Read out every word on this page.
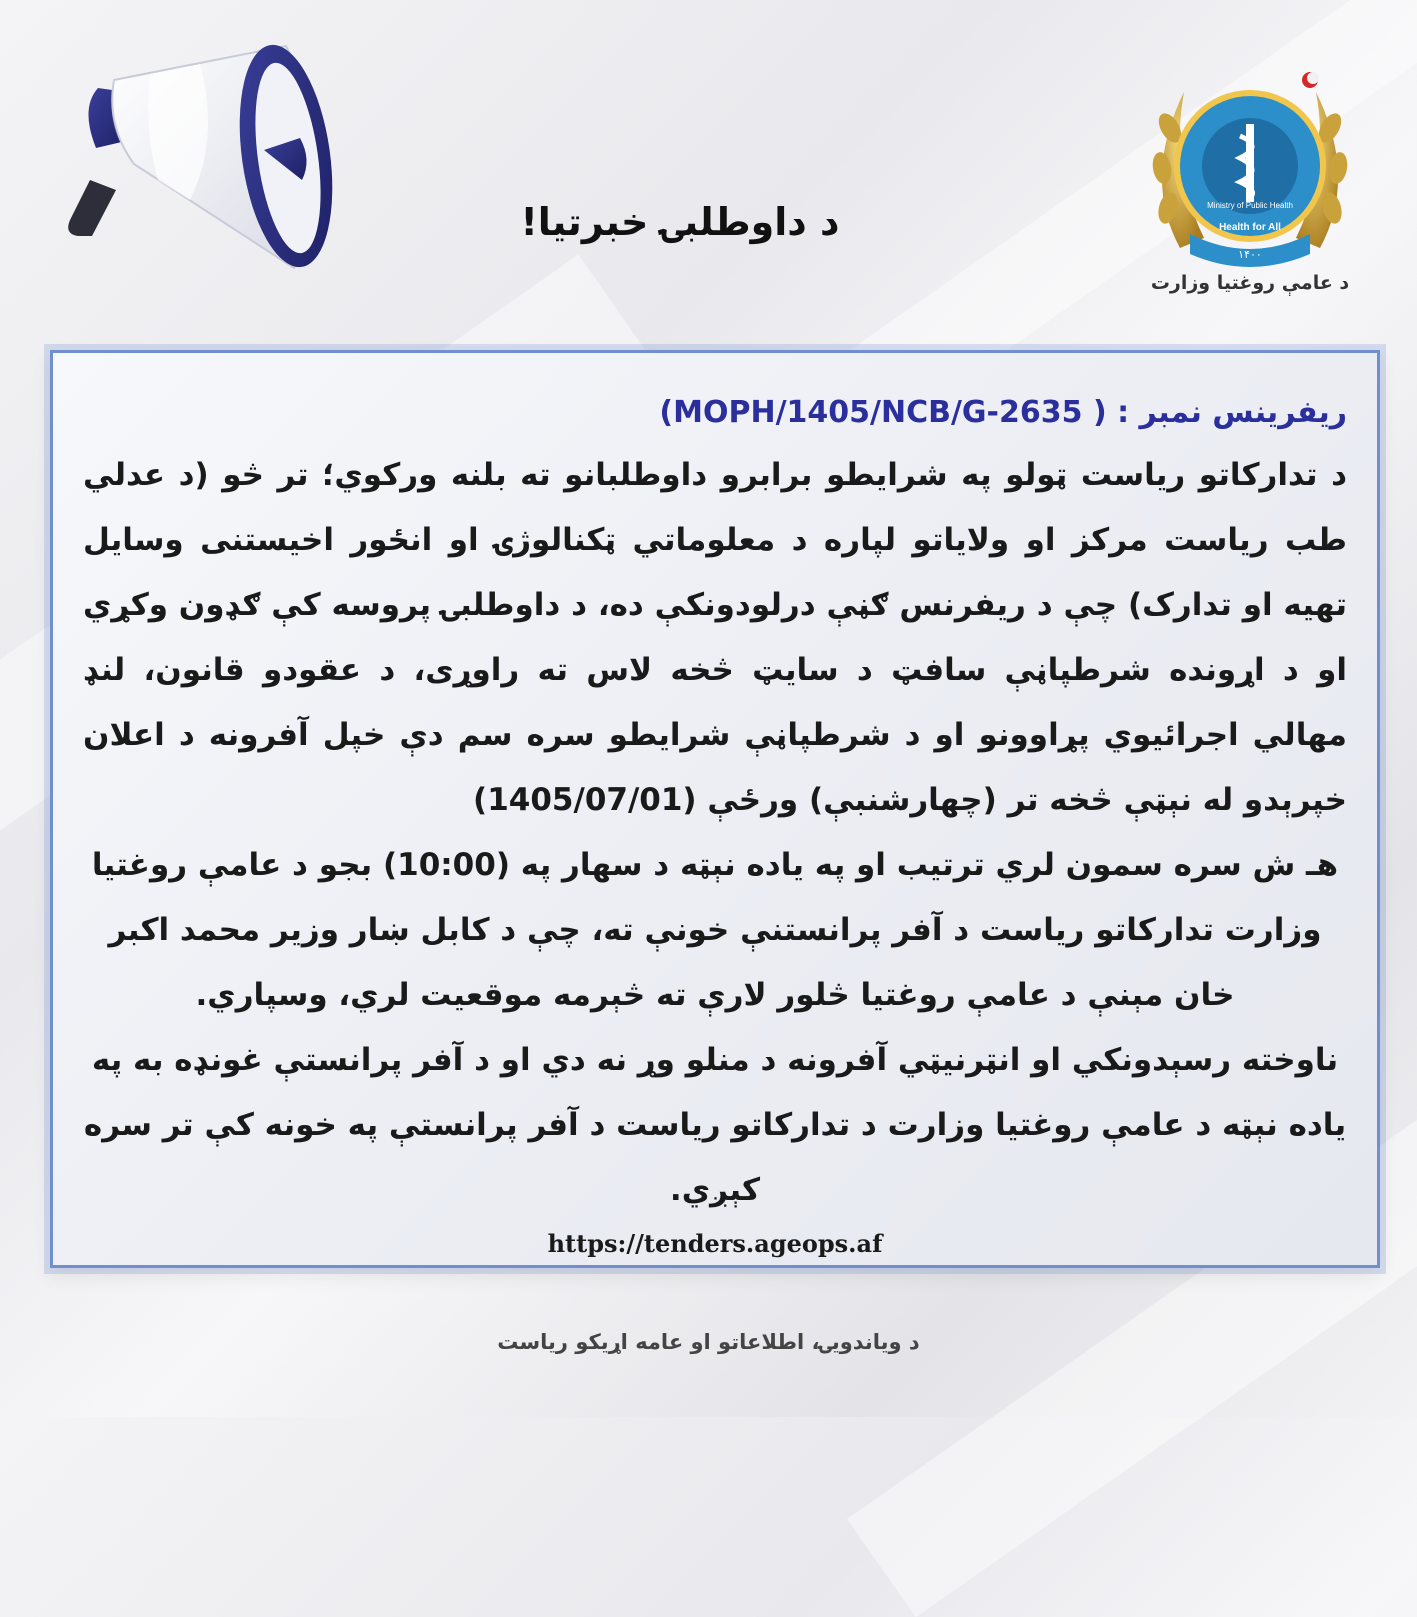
د داوطلبۍ خبرتیا!
۱۴۰۰
Ministry of Public Health
Health for All
د عامې روغتیا وزارت

ریفرینس نمبر : (MOPH/1405/NCB/G-2635 )

د تدارکاتو ریاست ټولو په شرایطو برابرو داوطلبانو ته بلنه ورکوي؛ تر څو (د عدلي طب ریاست مرکز او ولایاتو لپاره د معلوماتي ټکنالوژۍ او انځور اخیستنی وسایل تهیه او تدارک) چې د ریفرنس ګڼې درلودونکې ده، د داوطلبۍ پروسه کې ګډون وکړي او د اړونده شرطپاڼې سافټ د سایټ څخه لاس ته راوړی، د عقودو قانون، لنډ مهالي اجرائیوي پړاوونو او د شرطپاڼې شرایطو سره سم دې خپل آفرونه د اعلان خپرېدو له نېټې څخه تر (چهارشنبې) ورځې (1405/07/01)

هـ ش سره سمون لري ترتیب او په یاده نېټه د سهار په (10:00) بجو د عامې روغتیا وزارت تدارکاتو ریاست د آفر پرانستنې خونې ته، چې د کابل ښار وزیر محمد اکبر خان مېنې د عامې روغتیا څلور لارې ته څېرمه موقعیت لري، وسپاري.

ناوخته رسېدونکي او انټرنیټي آفرونه د منلو وړ نه دي او د آفر پرانستې غونډه به په یاده نېټه د عامې روغتیا وزارت د تدارکاتو ریاست د آفر پرانستې په خونه کې تر سره کېږي.

https://tenders.ageops.af
د ویاندویۍ، اطلاعاتو او عامه اړیکو ریاست
